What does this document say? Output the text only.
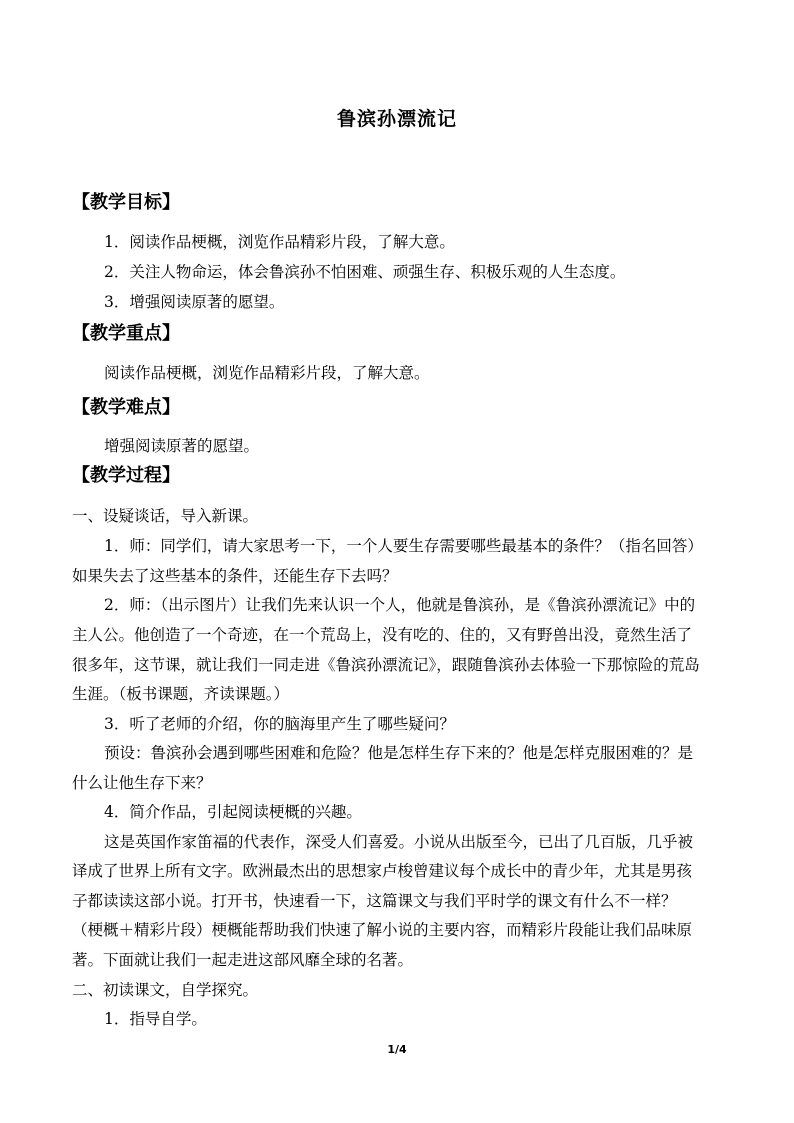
鲁滨孙漂流记
【教学目标】
1．阅读作品梗概，浏览作品精彩片段，了解大意。
2．关注人物命运，体会鲁滨孙不怕困难、顽强生存、积极乐观的人生态度。
3．增强阅读原著的愿望。
【教学重点】
阅读作品梗概，浏览作品精彩片段，了解大意。
【教学难点】
增强阅读原著的愿望。
【教学过程】
一、设疑谈话，导入新课。
1．师：同学们，请大家思考一下，一个人要生存需要哪些最基本的条件？（指名回答）
如果失去了这些基本的条件，还能生存下去吗？
2．师：（出示图片）让我们先来认识一个人，他就是鲁滨孙，是《鲁滨孙漂流记》中的
主人公。他创造了一个奇迹，在一个荒岛上，没有吃的、住的，又有野兽出没，竟然生活了
很多年，这节课，就让我们一同走进《鲁滨孙漂流记》，跟随鲁滨孙去体验一下那惊险的荒岛
生涯。（板书课题，齐读课题。）
3．听了老师的介绍，你的脑海里产生了哪些疑问？
预设：鲁滨孙会遇到哪些困难和危险？他是怎样生存下来的？他是怎样克服困难的？是
什么让他生存下来？
4．简介作品，引起阅读梗概的兴趣。
这是英国作家笛福的代表作，深受人们喜爱。小说从出版至今，已出了几百版，几乎被
译成了世界上所有文字。欧洲最杰出的思想家卢梭曾建议每个成长中的青少年，尤其是男孩
子都读读这部小说。打开书，快速看一下，这篇课文与我们平时学的课文有什么不一样？
（梗概＋精彩片段）梗概能帮助我们快速了解小说的主要内容，而精彩片段能让我们品味原
著。下面就让我们一起走进这部风靡全球的名著。
二、初读课文，自学探究。
1．指导自学。
1/4
